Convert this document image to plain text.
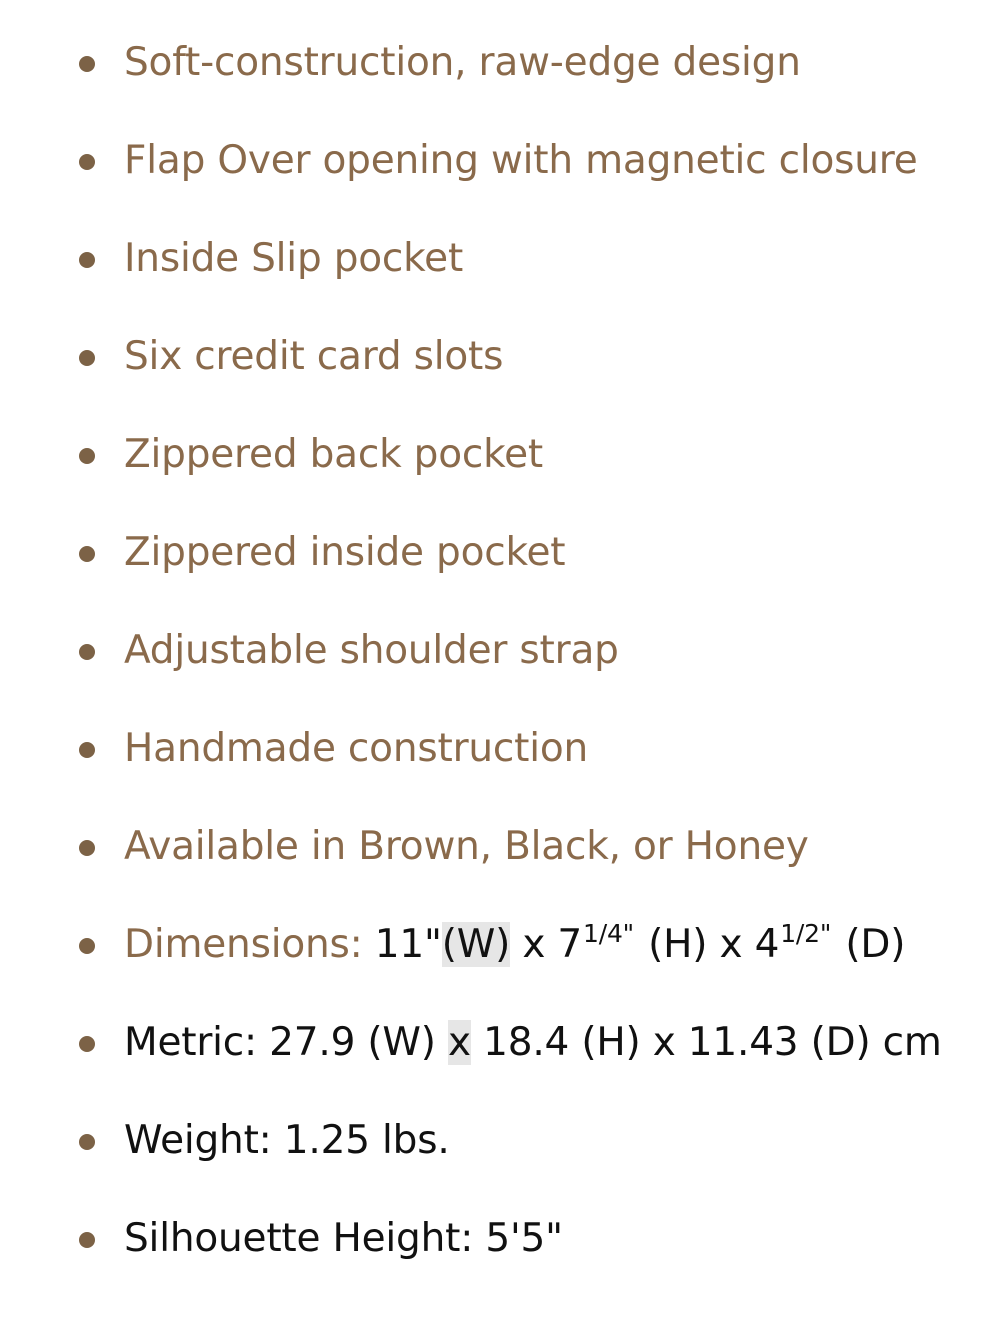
Soft-construction, raw-edge design
Flap Over opening with magnetic closure
Inside Slip pocket
Six credit card slots
Zippered back pocket
Zippered inside pocket
Adjustable shoulder strap
Handmade construction
Available in Brown, Black, or Honey
Dimensions: 11"(W) x $7^{1/4"}$ (H) x $4^{1/2"}$ (D)
Metric: 27.9 (W) x 18.4 (H) x 11.43 (D) cm
Weight: 1.25 lbs.
Silhouette Height: 5'5"
